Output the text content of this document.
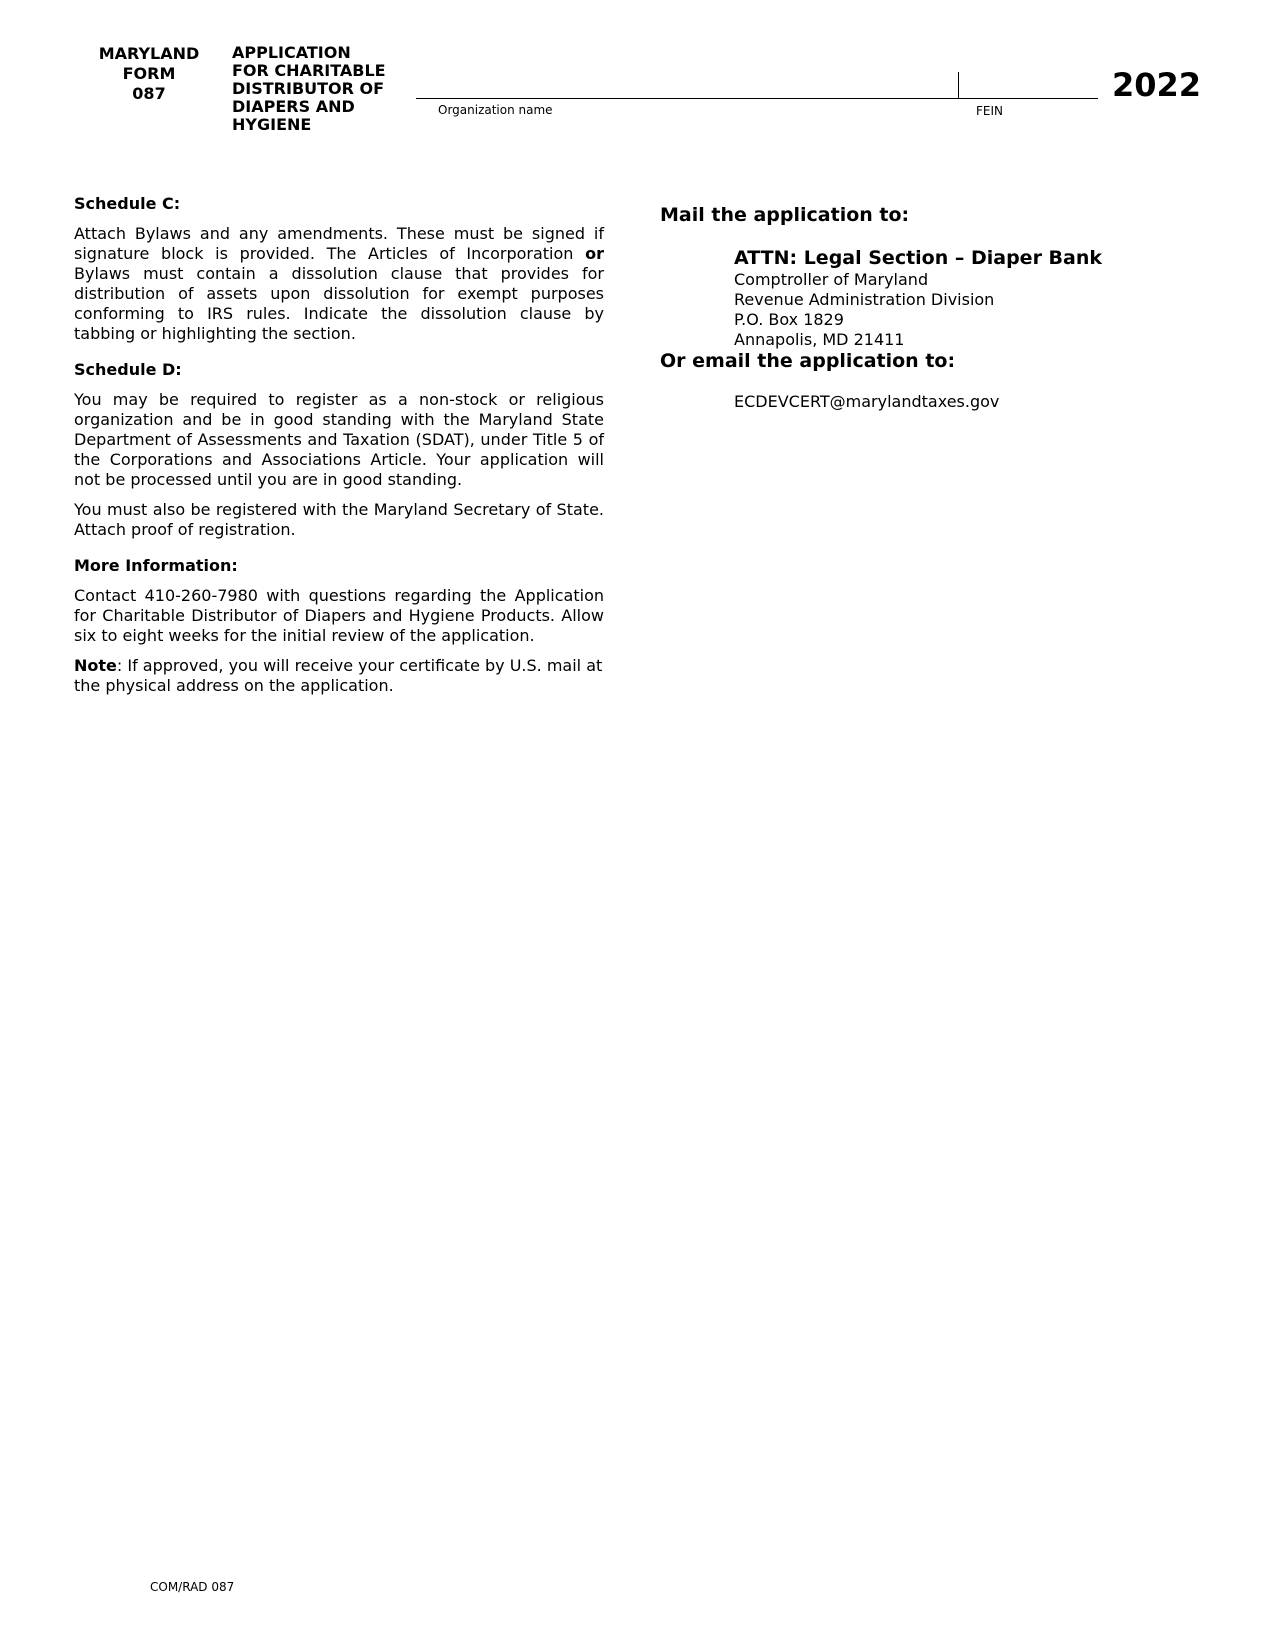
MARYLAND
FORM
087
APPLICATION
FOR CHARITABLE
DISTRIBUTOR OF
DIAPERS AND
HYGIENE
Organization name	FEIN
2022
Schedule C:

Attach Bylaws and any amendments. These must be signed if signature block is provided. The Articles of Incorporation or Bylaws must contain a dissolution clause that provides for distribution of assets upon dissolution for exempt purposes conforming to IRS rules. Indicate the dissolution clause by tabbing or highlighting the section.

Schedule D:

You may be required to register as a non-stock or religious organization and be in good standing with the Maryland State Department of Assessments and Taxation (SDAT), under Title 5 of the Corporations and Associations Article. Your application will not be processed until you are in good standing.

You must also be registered with the Maryland Secretary of State. Attach proof of registration.

More Information:

Contact 410-260-7980 with questions regarding the Application for Charitable Distributor of Diapers and Hygiene Products. Allow six to eight weeks for the initial review of the application.

Note: If approved, you will receive your certificate by U.S. mail at the physical address on the application.

Mail the application to:
ATTN: Legal Section – Diaper Bank
Comptroller of Maryland
Revenue Administration Division
P.O. Box 1829
Annapolis, MD 21411
Or email the application to:
ECDEVCERT@marylandtaxes.gov
COM/RAD 087
